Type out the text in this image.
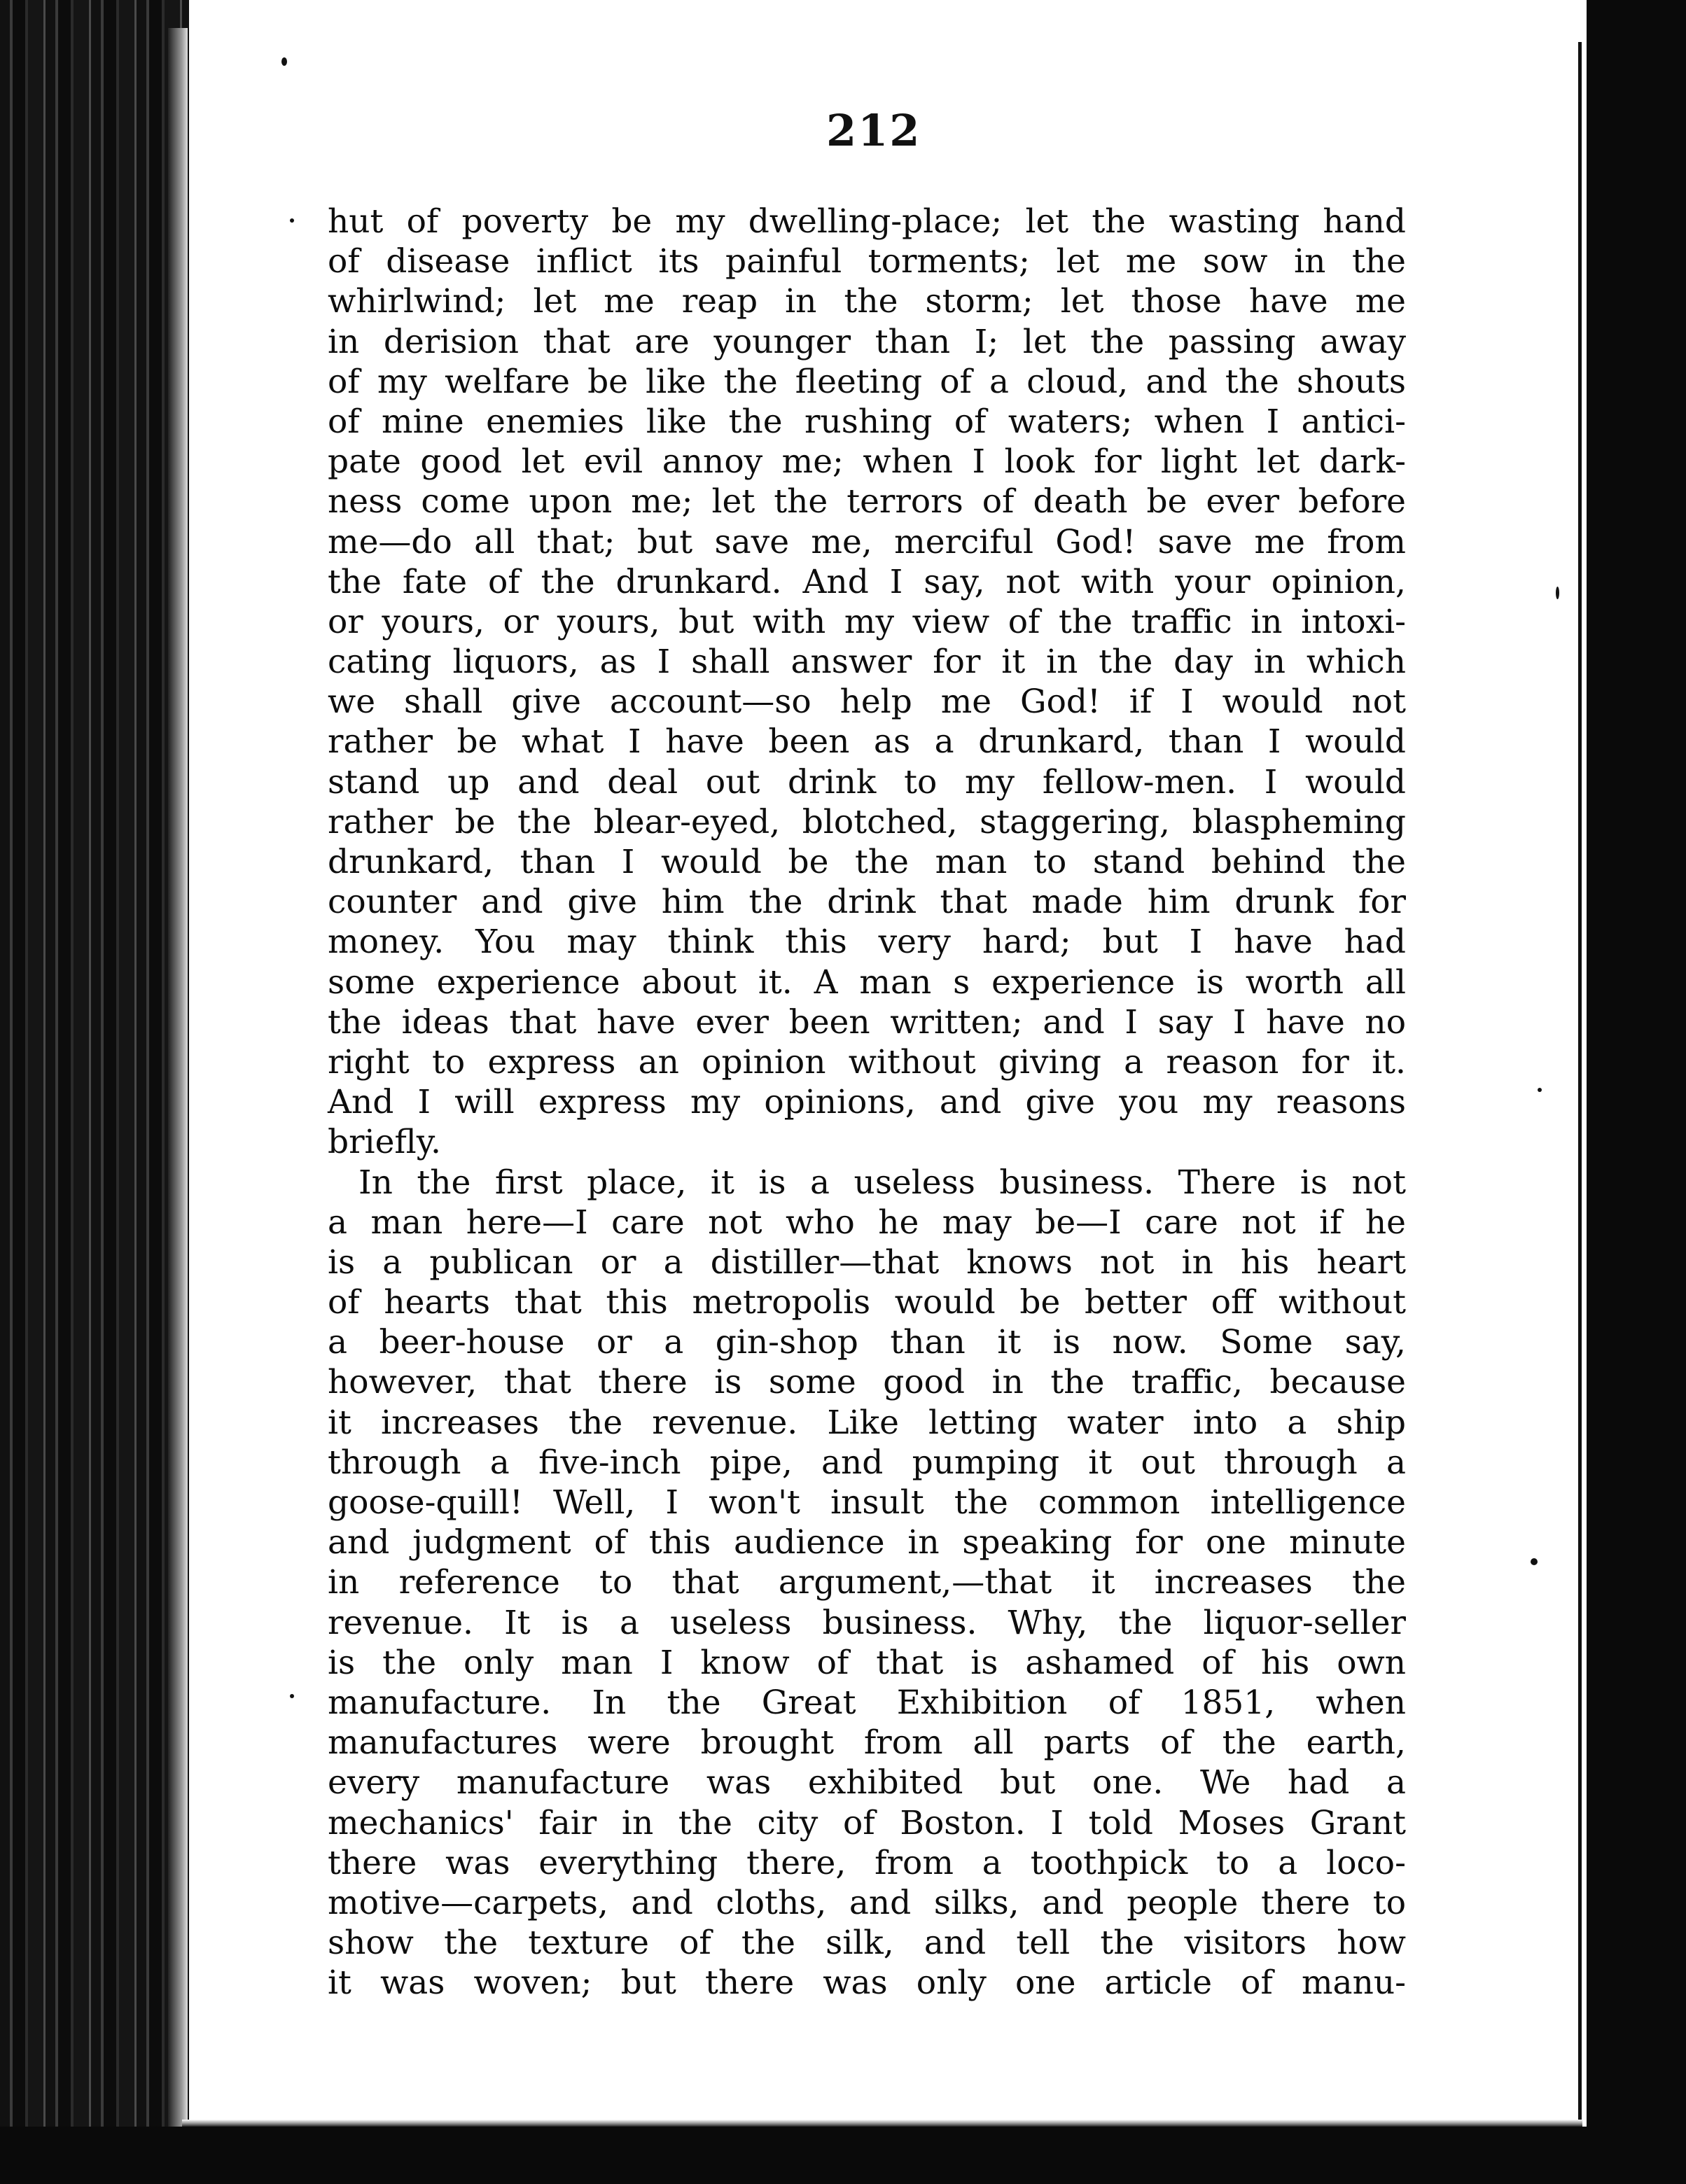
212
hut of poverty be my dwelling-place; let the wasting hand
of disease inflict its painful torments; let me sow in the
whirlwind; let me reap in the storm; let those have me
in derision that are younger than I; let the passing away
of my welfare be like the fleeting of a cloud, and the shouts
of mine enemies like the rushing of waters; when I antici-
pate good let evil annoy me; when I look for light let dark-
ness come upon me; let the terrors of death be ever before
me—do all that; but save me, merciful God! save me from
the fate of the drunkard. And I say, not with your opinion,
or yours, or yours, but with my view of the traffic in intoxi-
cating liquors, as I shall answer for it in the day in which
we shall give account—so help me God! if I would not
rather be what I have been as a drunkard, than I would
stand up and deal out drink to my fellow-men. I would
rather be the blear-eyed, blotched, staggering, blaspheming
drunkard, than I would be the man to stand behind the
counter and give him the drink that made him drunk for
money. You may think this very hard; but I have had
some experience about it. A man s experience is worth all
the ideas that have ever been written; and I say I have no
right to express an opinion without giving a reason for it.
And I will express my opinions, and give you my reasons
briefly.
In the first place, it is a useless business. There is not
a man here—I care not who he may be—I care not if he
is a publican or a distiller—that knows not in his heart
of hearts that this metropolis would be better off without
a beer-house or a gin-shop than it is now. Some say,
however, that there is some good in the traffic, because
it increases the revenue. Like letting water into a ship
through a five-inch pipe, and pumping it out through a
goose-quill! Well, I won't insult the common intelligence
and judgment of this audience in speaking for one minute
in reference to that argument,—that it increases the
revenue. It is a useless business. Why, the liquor-seller
is the only man I know of that is ashamed of his own
manufacture. In the Great Exhibition of 1851, when
manufactures were brought from all parts of the earth,
every manufacture was exhibited but one. We had a
mechanics' fair in the city of Boston. I told Moses Grant
there was everything there, from a toothpick to a loco-
motive—carpets, and cloths, and silks, and people there to
show the texture of the silk, and tell the visitors how
it was woven; but there was only one article of manu-
